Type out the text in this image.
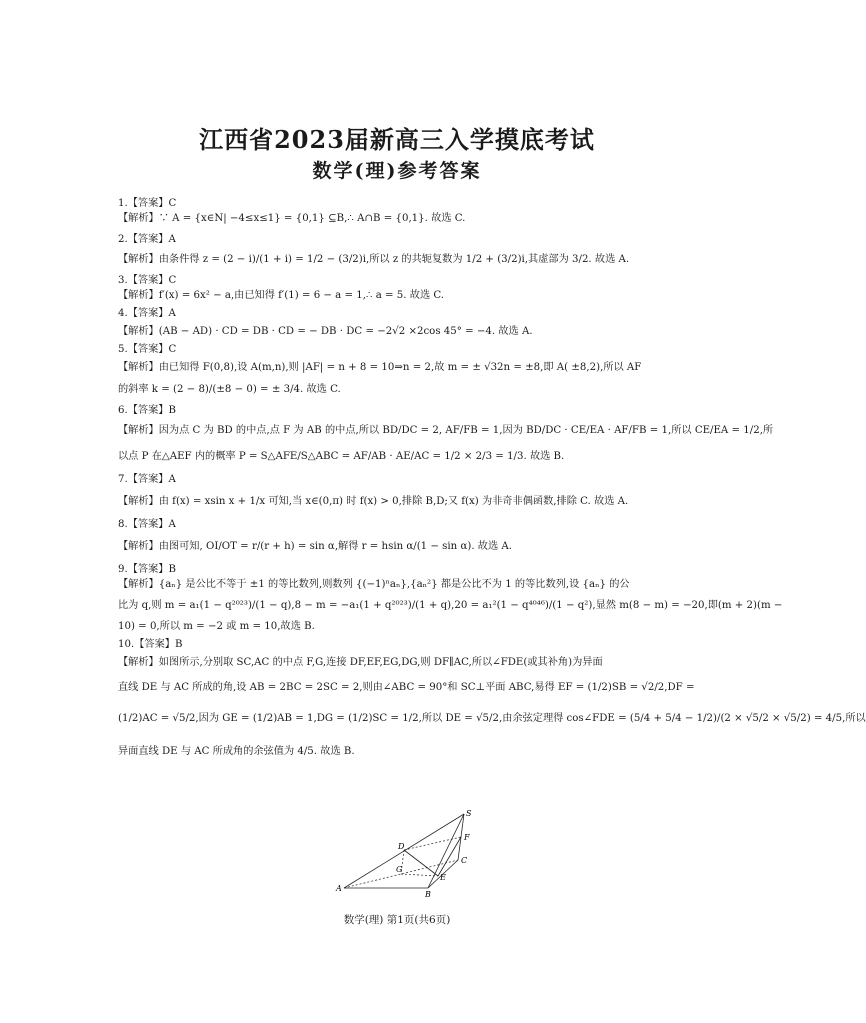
江西省2023届新高三入学摸底考试
数学(理)参考答案
1.【答案】C
【解析】∵ A = {x∈N| −4≤x≤1} = {0,1} ⊆B,∴ A∩B = {0,1}. 故选 C.
2.【答案】A
【解析】由条件得 z = (2 − i)/(1 + i) = 1/2 − (3/2)i,所以 z 的共轭复数为 1/2 + (3/2)i,其虚部为 3/2. 故选 A.
3.【答案】C
【解析】f′(x) = 6x² − a,由已知得 f′(1) = 6 − a = 1,∴ a = 5. 故选 C.
4.【答案】A
【解析】(AB − AD) · CD = DB · CD = − DB · DC = −2√2 ×2cos 45° = −4. 故选 A.
5.【答案】C
【解析】由已知得 F(0,8),设 A(m,n),则 |AF| = n + 8 = 10⇒n = 2,故 m = ± √32n = ±8,即 A( ±8,2),所以 AF
的斜率 k = (2 − 8)/(±8 − 0) = ± 3/4. 故选 C.
6.【答案】B
【解析】因为点 C 为 BD 的中点,点 F 为 AB 的中点,所以 BD/DC = 2, AF/FB = 1,因为 BD/DC · CE/EA · AF/FB = 1,所以 CE/EA = 1/2,所
以点 P 在△AEF 内的概率 P = S△AFE/S△ABC = AF/AB · AE/AC = 1/2 × 2/3 = 1/3. 故选 B.
7.【答案】A
【解析】由 f(x) = xsin x + 1/x 可知,当 x∈(0,π) 时 f(x) > 0,排除 B,D;又 f(x) 为非奇非偶函数,排除 C. 故选 A.
8.【答案】A
【解析】由图可知, OI/OT = r/(r + h) = sin α,解得 r = hsin α/(1 − sin α). 故选 A.
9.【答案】B
【解析】{aₙ} 是公比不等于 ±1 的等比数列,则数列 {(−1)ⁿaₙ},{aₙ²} 都是公比不为 1 的等比数列,设 {aₙ} 的公
比为 q,则 m = a₁(1 − q²⁰²³)/(1 − q),8 − m = −a₁(1 + q²⁰²³)/(1 + q),20 = a₁²(1 − q⁴⁰⁴⁶)/(1 − q²),显然 m(8 − m) = −20,即(m + 2)(m −
10) = 0,所以 m = −2 或 m = 10,故选 B.
10.【答案】B
【解析】如图所示,分别取 SC,AC 的中点 F,G,连接 DF,EF,EG,DG,则 DF∥AC,所以∠FDE(或其补角)为异面
直线 DE 与 AC 所成的角,设 AB = 2BC = 2SC = 2,则由∠ABC = 90°和 SC⊥平面 ABC,易得 EF = (1/2)SB = √2/2,DF =
(1/2)AC = √5/2,因为 GE = (1/2)AB = 1,DG = (1/2)SC = 1/2,所以 DE = √5/2,由余弦定理得 cos∠FDE = (5/4 + 5/4 − 1/2)/(2 × √5/2 × √5/2) = 4/5,所以
异面直线 DE 与 AC 所成角的余弦值为 4/5. 故选 B.
S
F
D
C
G
E
A
B
数学(理) 第1页(共6页)
